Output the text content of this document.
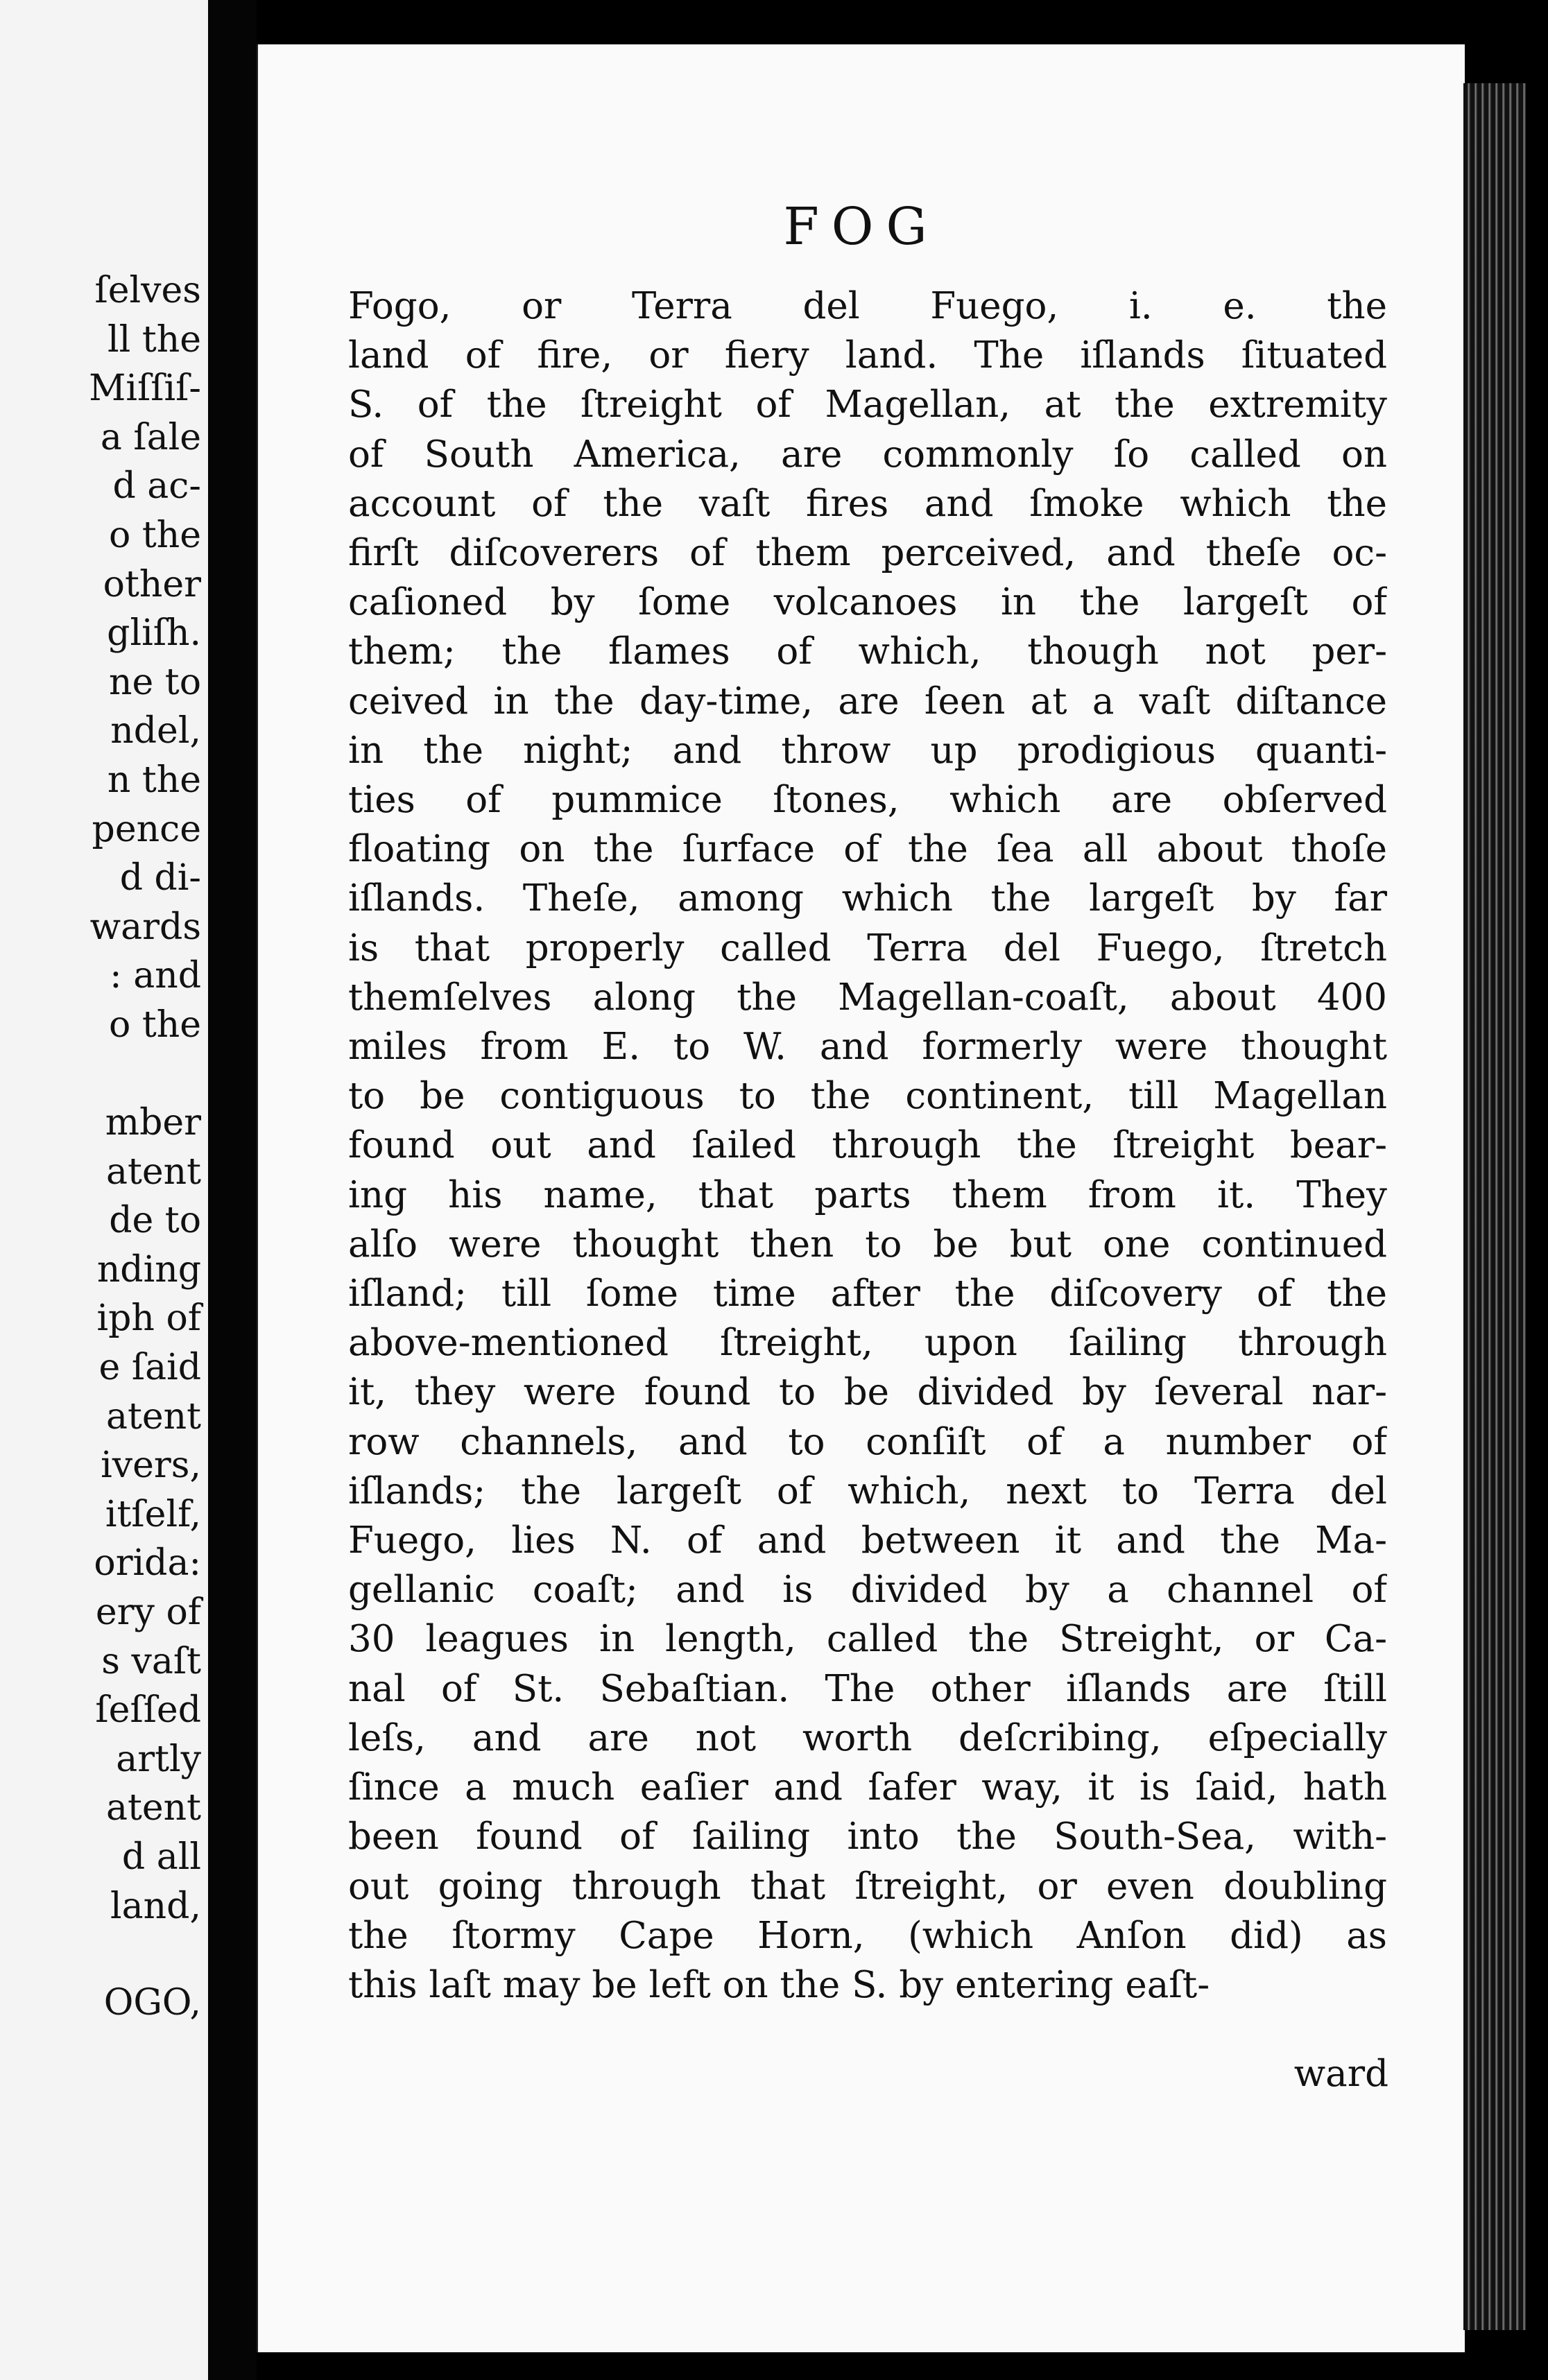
ſelves
ll the
Miſſiſ-
a ſale
d ac-
o the
other
gliſh.
ne to
ndel,
n the
pence
d di-
wards
: and
o the

mber
atent
de to
nding
iph of
e ſaid
atent
ivers,
itſelf,
orida:
ery of
s vaſt
ſeſſed
artly
atent
d all
land,
OGO,
FOG
Fogo, or Terra del Fuego, i. e. the
land of fire, or fiery land. The iſlands ſituated
S. of the ſtreight of Magellan, at the extremity
of South America, are commonly ſo called on
account of the vaſt fires and ſmoke which the
firſt diſcoverers of them perceived, and theſe oc-
caſioned by ſome volcanoes in the largeſt of
them; the flames of which, though not per-
ceived in the day-time, are ſeen at a vaſt diſtance
in the night; and throw up prodigious quanti-
ties of pummice ſtones, which are obſerved
floating on the ſurface of the ſea all about thoſe
iſlands. Theſe, among which the largeſt by far
is that properly called Terra del Fuego, ſtretch
themſelves along the Magellan-coaſt, about 400
miles from E. to W. and formerly were thought
to be contiguous to the continent, till Magellan
found out and ſailed through the ſtreight bear-
ing his name, that parts them from it. They
alſo were thought then to be but one continued
iſland; till ſome time after the diſcovery of the
above-mentioned ſtreight, upon ſailing through
it, they were found to be divided by ſeveral nar-
row channels, and to conſiſt of a number of
iſlands; the largeſt of which, next to Terra del
Fuego, lies N. of and between it and the Ma-
gellanic coaſt; and is divided by a channel of
30 leagues in length, called the Streight, or Ca-
nal of St. Sebaſtian. The other iſlands are ſtill
leſs, and are not worth deſcribing, eſpecially
ſince a much eaſier and ſafer way, it is ſaid, hath
been found of ſailing into the South-Sea, with-
out going through that ſtreight, or even doubling
the ſtormy Cape Horn, (which Anſon did) as
this laſt may be left on the S. by entering eaſt-
ward
